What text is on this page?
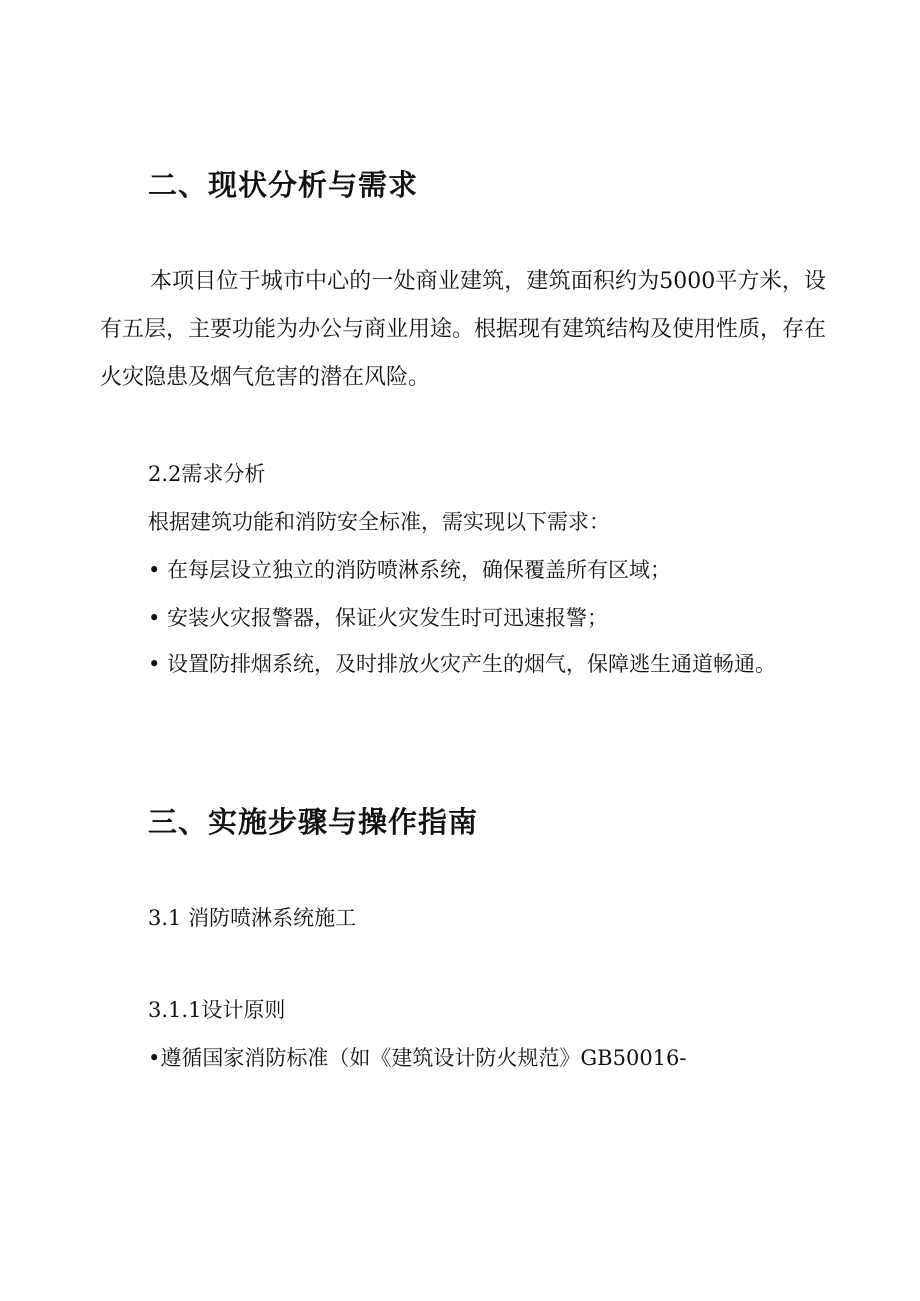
二、现状分析与需求

本项目位于城市中心的一处商业建筑，建筑面积约为5000平方米，设有五层，主要功能为办公与商业用途。根据现有建筑结构及使用性质，存在火灾隐患及烟气危害的潜在风险。

2.2需求分析

根据建筑功能和消防安全标准，需实现以下需求：

• 在每层设立独立的消防喷淋系统，确保覆盖所有区域；

• 安装火灾报警器，保证火灾发生时可迅速报警；

• 设置防排烟系统，及时排放火灾产生的烟气，保障逃生通道畅通。

三、实施步骤与操作指南

3.1 消防喷淋系统施工

3.1.1设计原则

•遵循国家消防标准（如《建筑设计防火规范》GB50016-
